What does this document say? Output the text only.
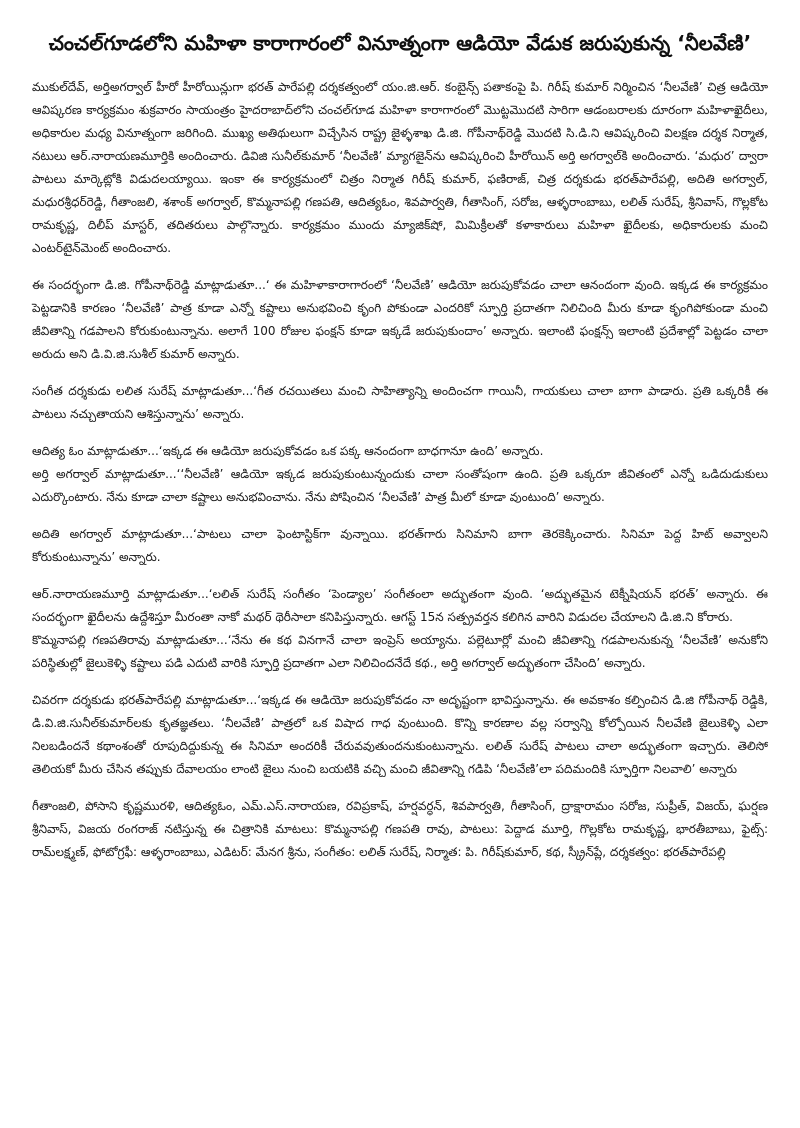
చంచల్‌గూడలోని మహిళా కారాగారంలో వినూత్నంగా ఆడియో వేడుక జరుపుకున్న ‘నీలవేణి’

ముకుల్‌దేవ్, అర్తిఅగర్వాల్ హీరో హీరోయిన్లుగా భరత్ పారేపల్లి దర్శకత్వంలో యం.జి.ఆర్. కంబైన్స్ పతాకంపై పి. గిరీష్ కుమార్ నిర్మించిన ‘నీలవేణి’ చిత్ర ఆడియో ఆవిష్కరణ కార్యక్రమం శుక్రవారం సాయంత్రం హైదరాబాద్‌లోని చంచల్‌గూడ మహిళా కారాగారంలో మొట్టమొదటి సారిగా ఆడంబరాలకు దూరంగా మహిళాఖైదీలు, అధికారుల మధ్య వినూత్నంగా జరిగింది. ముఖ్య అతిథులుగా విచ్చేసిన రాష్ట్ర జైళ్ళశాఖ డి.జి. గోపీనాథ్‌రెడ్డి మొదటి సి.డి.ని ఆవిష్కరించి విలక్షణ దర్శక నిర్మాత, నటులు ఆర్.నారాయణమూర్తికి అందించారు. డివిజి సునీల్‌కుమార్ ‘నీలవేణి’ మ్యాగజైన్‌ను ఆవిష్కరించి హీరోయిన్ అర్తి అగర్వాల్‌కి అందించారు. ‘మధుర’ ద్వారా పాటలు మార్కెట్లోకి విడుదలయ్యాయి. ఇంకా ఈ కార్యక్రమంలో చిత్రం నిర్మాత గిరీష్ కుమార్, ఫణిరాజ్, చిత్ర దర్శకుడు భరత్‌పారేపల్లి, అదితి అగర్వాల్, మధురశ్రీధర్‌రెడ్డి, గీతాంజలి, శశాంక్ అగర్వాల్, కొమ్మనాపల్లి గణపతి, ఆదిత్యఓం, శివపార్వతి, గీతాసింగ్, సరోజ, ఆళ్ళరాంబాబు, లలిత్ సురేష్, శ్రీనివాస్‌, గొల్లకోట రామకృష్ణ, దిలీప్ మాస్టర్, తదితరులు పాల్గొన్నారు. కార్యక్రమం ముందు మ్యాజిక్‌షో, మిమిక్రీలతో కళాకారులు మహిళా ఖైదీలకు, అధికారులకు మంచి ఎంటర్‌టైన్‌మెంట్ అందించారు.

ఈ సందర్భంగా డి.జి. గోపీనాథ్‌రెడ్డి మాట్లాడుతూ...‘ ఈ మహిళాకారాగారంలో ‘నీలవేణి’ ఆడియో జరుపుకోవడం చాలా ఆనందంగా వుంది. ఇక్కడ ఈ కార్యక్రమం పెట్టడానికి కారణం ‘నీలవేణి’ పాత్ర కూడా ఎన్నో కష్టాలు అనుభవించి కృంగి పోకుండా ఎందరికో స్ఫూర్తి ప్రదాతగా నిలిచింది మీరు కూడా కృంగిపోకుండా మంచి జీవితాన్ని గడపాలని కోరుకుంటున్నాను. అలాగే 100 రోజుల ఫంక్షన్ కూడా ఇక్కడే జరుపుకుందాం’ అన్నారు. ఇలాంటి ఫంక్షన్స్ ఇలాంటి ప్రదేశాల్లో పెట్టడం చాలా అరుదు అని డి.వి.జి.సుశీల్ కుమార్ అన్నారు.

సంగీత దర్శకుడు లలిత సురేష్ మాట్లాడుతూ...‘గీత రచయితలు మంచి సాహిత్యాన్ని అందించగా గాయినీ, గాయకులు చాలా బాగా పాడారు. ప్రతి ఒక్కరికీ ఈ పాటలు నచ్చుతాయని ఆశిస్తున్నాను’ అన్నారు.

ఆదిత్య ఓం మాట్లాడుతూ...‘ఇక్కడ ఈ ఆడియో జరుపుకోవడం ఒక పక్క ఆనందంగా బాధగానూ ఉంది’ అన్నారు.

అర్తి అగర్వాల్ మాట్లాడుతూ...‘‘నీలవేణి’ ఆడియో ఇక్కడ జరుపుకుంటున్నందుకు చాలా సంతోషంగా ఉంది. ప్రతి ఒక్కరూ జీవితంలో ఎన్నో ఒడిదుడుకులు ఎదుర్కొంటారు. నేను కూడా చాలా కష్టాలు అనుభవించాను. నేను పోషించిన ‘నీలవేణి’ పాత్ర మీలో కూడా వుంటుంది’ అన్నారు.

అదితి అగర్వాల్ మాట్లాడుతూ...‘పాటలు చాలా ఫెంటాస్టిక్‌గా వున్నాయి. భరత్‌గారు సినిమాని బాగా తెరకెక్కించారు. సినిమా పెద్ద హిట్ అవ్వాలని కోరుకుంటున్నాను’ అన్నారు.

ఆర్.నారాయణమూర్తి మాట్లాడుతూ...‘లలిత్ సురేష్ సంగీతం ‘పెండ్యాల’ సంగీతంలా అద్భుతంగా వుంది. ‘అద్భుతమైన టెక్నీషియన్ భరత్’ అన్నారు. ఈ సందర్భంగా ఖైదీలను ఉద్దేశిస్తూ మీరంతా నాకో మథర్ థెరీసాలా కనిపిస్తున్నారు. ఆగస్ట్ 15న సత్ప్రవర్తన కలిగిన వారిని విడుదల చేయాలని డి.జి.ని కోరారు.

కొమ్మనాపల్లి గణపతిరావు మాట్లాడుతూ...‘నేను ఈ కథ వినగానే చాలా ఇంప్రెస్ అయ్యాను. పల్లెటూర్లో మంచి జీవితాన్ని గడపాలనుకున్న ‘నీలవేణి’ అనుకోని పరిస్థితుల్లో జైలుకెళ్ళి కష్టాలు పడి ఎదుటి వారికి స్ఫూర్తి ప్రదాతగా ఎలా నిలిచిందనేదే కథ., అర్తి అగర్వాల్ అద్భుతంగా చేసింది’ అన్నారు.

చివరగా దర్శకుడు భరత్‌పారేపల్లి మాట్లాడుతూ...‘ఇక్కడ ఈ ఆడియో జరుపుకోవడం నా అదృష్టంగా భావిస్తున్నాను. ఈ అవకాశం కల్పించిన డి.జి గోపీనాథ్ రెడ్డికి, డి.వి.జి.సునీల్‌కుమార్‌లకు కృతజ్ఞతలు. ‘నీలవేణి’ పాత్రలో ఒక విషాద గాధ వుంటుంది. కొన్ని కారణాల వల్ల సర్వాన్ని కోల్పోయిన నీలవేణి జైలుకెళ్ళి ఎలా నిలబడిందనే కథాంశంతో రూపుదిద్దుకున్న ఈ సినిమా అందరికీ చేరువవుతుందనుకుంటున్నాను. లలిత్ సురేష్ పాటలు చాలా అద్భుతంగా ఇచ్చారు. తెలిసో తెలియకో మీరు చేసిన తప్పుకు దేవాలయం లాంటి జైలు నుంచి బయటికి వచ్చి మంచి జీవితాన్ని గడిపి ‘నీలవేణి’లా పదిమందికి స్ఫూర్తిగా నిలవాలి’ అన్నారు

గీతాంజలి, పోసాని కృష్ణమురళి, ఆదిత్యఓం, ఎమ్.ఎస్.నారాయణ, రవిప్రకాష్, హర్షవర్ధన్, శివపార్వతి, గీతాసింగ్, ద్రాక్షారామం సరోజ, సుప్రీత్, విజయ్, ఘర్షణ శ్రీనివాస్, విజయ రంగరాజ్ నటిస్తున్న ఈ చిత్రానికి మాటలు: కొమ్మనాపల్లి గణపతి రావు, పాటలు: పెద్దాడ మూర్తి, గొల్లకోట రామకృష్ణ, భారతీబాబు, ఫైట్స్: రామ్‌లక్ష్మణ్, ఫోటోగ్రఫీ: ఆళ్ళరాంబాబు, ఎడిటర్: మేనగ శ్రీను, సంగీతం: లలిత్ సురేష్, నిర్మాత: పి. గిరీష్‌కుమార్, కథ, స్క్రీన్‌ప్లే, దర్శకత్వం: భరత్‌పారేపల్లి
